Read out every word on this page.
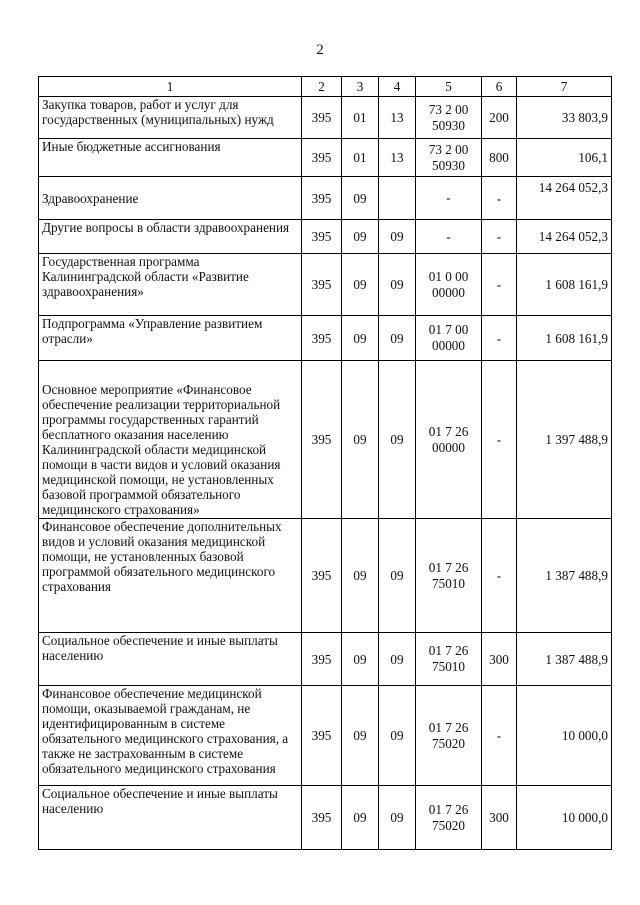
2
1	2	3	4	5	6	7
Закупка товаров, работ и услуг для государственных (муниципальных) нужд	395	01	13	73 2 00 50930	200	33 803,9
Иные бюджетные ассигнования	395	01	13	73 2 00 50930	800	106,1
Здравоохранение	395	09		-	-	14 264 052,3
Другие вопросы в области здравоохранения	395	09	09	-	-	14 264 052,3
Государственная программа Калининградской области «Развитие здравоохранения»	395	09	09	01 0 00 00000	-	1 608 161,9
Подпрограмма «Управление развитием отрасли»	395	09	09	01 7 00 00000	-	1 608 161,9
Основное мероприятие «Финансовое обеспечение реализации территориальной программы государственных гарантий бесплатного оказания населению Калининградской области медицинской помощи в части видов и условий оказания медицинской помощи, не установленных базовой программой обязательного медицинского страхования»	395	09	09	01 7 26 00000	-	1 397 488,9
Финансовое обеспечение дополнительных видов и условий оказания медицинской помощи, не установленных базовой программой обязательного медицинского страхования	395	09	09	01 7 26 75010	-	1 387 488,9
Социальное обеспечение и иные выплаты населению	395	09	09	01 7 26 75010	300	1 387 488,9
Финансовое обеспечение медицинской помощи, оказываемой гражданам, не идентифицированным в системе обязательного медицинского страхования, а также не застрахованным в системе обязательного медицинского страхования	395	09	09	01 7 26 75020	-	10 000,0
Социальное обеспечение и иные выплаты населению	395	09	09	01 7 26 75020	300	10 000,0
